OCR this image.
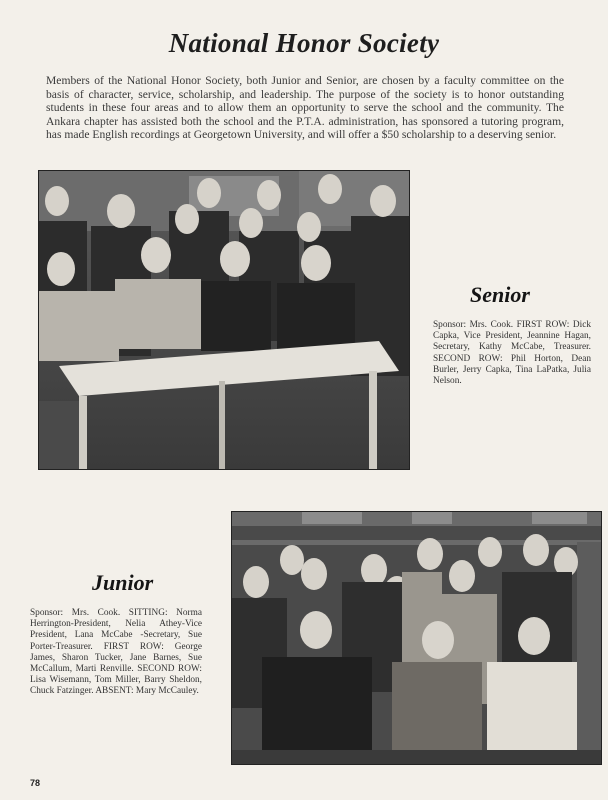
National Honor Society
Members of the National Honor Society, both Junior and Senior, are chosen by a faculty committee on the basis of character, service, scholarship, and leadership. The purpose of the society is to honor outstanding students in these four areas and to allow them an opportunity to serve the school and the community. The Ankara chapter has assisted both the school and the P.T.A. administration, has sponsored a tutoring program, has made English recordings at Georgetown University, and will offer a $50 scholarship to a deserving senior.
Senior
Sponsor: Mrs. Cook. FIRST ROW: Dick Capka, Vice President, Jeannine Hagan, Secretary, Kathy McCabe, Treasurer. SECOND ROW: Phil Horton, Dean Burler, Jerry Capka, Tina LaPatka, Julia Nelson.
Junior
Sponsor: Mrs. Cook. SITTING: Norma Herrington-President, Nelia Athey-Vice President, Lana McCabe -Secretary, Sue Porter-Treasurer. FIRST ROW: George James, Sharon Tucker, Jane Barnes, Sue McCallum, Marti Renville. SECOND ROW: Lisa Wisemann, Tom Miller, Barry Sheldon, Chuck Fatzinger. ABSENT: Mary McCauley.
78
